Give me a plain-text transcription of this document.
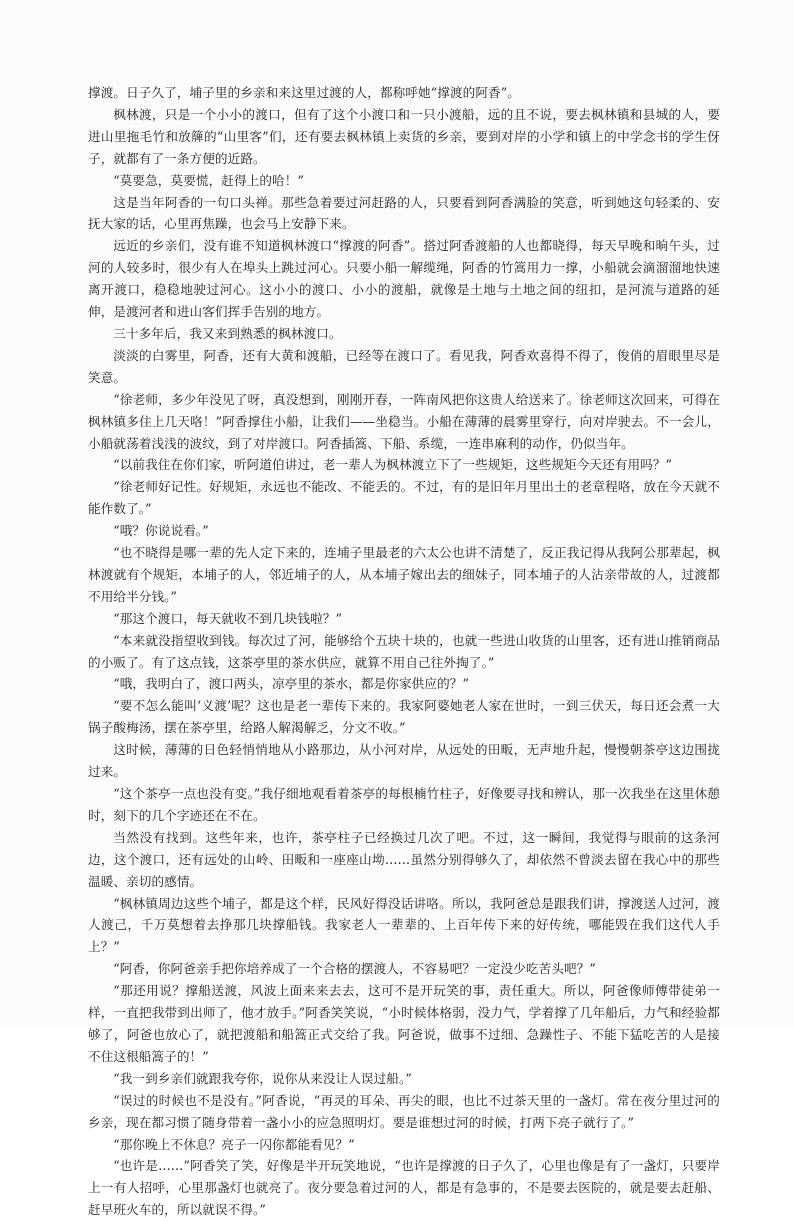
撑渡。日子久了，埔子里的乡亲和来这里过渡的人，都称呼她“撑渡的阿香”。

枫林渡，只是一个小小的渡口，但有了这个小渡口和一只小渡船，远的且不说，要去枫林镇和县城的人，要进山里拖毛竹和放簰的“山里客”们，还有要去枫林镇上卖货的乡亲，要到对岸的小学和镇上的中学念书的学生伢子，就都有了一条方便的近路。

“莫要急，莫要慌，赶得上的哈！”

这是当年阿香的一句口头禅。那些急着要过河赶路的人，只要看到阿香满脸的笑意，听到她这句轻柔的、安抚大家的话，心里再焦躁，也会马上安静下来。

远近的乡亲们，没有谁不知道枫林渡口“撑渡的阿香”。搭过阿香渡船的人也都晓得，每天早晚和晌午头，过河的人较多时，很少有人在埠头上跳过河心。只要小船一解缆绳，阿香的竹篙用力一撑，小船就会滴溜溜地快速离开渡口，稳稳地驶过河心。这小小的渡口、小小的渡船，就像是土地与土地之间的纽扣，是河流与道路的延伸，是渡河者和进山客们挥手告别的地方。

三十多年后，我又来到熟悉的枫林渡口。

淡淡的白雾里，阿香，还有大黄和渡船，已经等在渡口了。看见我，阿香欢喜得不得了，俊俏的眉眼里尽是笑意。

“徐老师，多少年没见了呀，真没想到，刚刚开春，一阵南风把你这贵人给送来了。徐老师这次回来，可得在枫林镇多住上几天咯！”阿香撑住小船，让我们——坐稳当。小船在薄薄的晨雾里穿行，向对岸驶去。不一会儿，小船就荡着浅浅的波纹，到了对岸渡口。阿香插篙、下船、系缆，一连串麻利的动作，仍似当年。

“以前我住在你们家，听阿道伯讲过，老一辈人为枫林渡立下了一些规矩，这些规矩今天还有用吗？”

“徐老师好记性。好规矩，永远也不能改、不能丢的。不过，有的是旧年月里出土的老章程咯，放在今天就不能作数了。”

“哦？你说说看。”

“也不晓得是哪一辈的先人定下来的，连埔子里最老的六太公也讲不清楚了，反正我记得从我阿公那辈起，枫林渡就有个规矩，本埔子的人，邻近埔子的人，从本埔子嫁出去的细妹子，同本埔子的人沾亲带故的人，过渡都不用给半分钱。”

“那这个渡口，每天就收不到几块钱啦？”

“本来就没指望收到钱。每次过了河，能够给个五块十块的，也就一些进山收货的山里客，还有进山推销商品的小贩了。有了这点钱，这茶亭里的茶水供应，就算不用自己往外掏了。”

“哦，我明白了，渡口两头，凉亭里的茶水，都是你家供应的？”

“要不怎么能叫‘义渡’呢？这也是老一辈传下来的。我家阿婆她老人家在世时，一到三伏天，每日还会煮一大锅子酸梅汤，摆在茶亭里，给路人解渴解乏，分文不收。”

这时候，薄薄的日色轻悄悄地从小路那边，从小河对岸，从远处的田畈，无声地升起，慢慢朝茶亭这边围拢过来。

“这个茶亭一点也没有变。”我仔细地观看着茶亭的每根楠竹柱子，好像要寻找和辨认，那一次我坐在这里休憩时，刻下的几个字迹还在不在。

当然没有找到。这些年来，也许，茶亭柱子已经换过几次了吧。不过，这一瞬间，我觉得与眼前的这条河边，这个渡口，还有远处的山岭、田畈和一座座山坳……虽然分别得够久了，却依然不曾淡去留在我心中的那些温暖、亲切的感情。

“枫林镇周边这些个埔子，都是这个样，民风好得没话讲咯。所以，我阿爸总是跟我们讲，撑渡送人过河，渡人渡己，千万莫想着去挣那几块撑船钱。我家老人一辈辈的、上百年传下来的好传统，哪能毁在我们这代人手上？”

“阿香，你阿爸亲手把你培养成了一个合格的摆渡人，不容易吧？一定没少吃苦头吧？”

“那还用说？撑船送渡，风波上面来来去去，这可不是开玩笑的事，责任重大。所以，阿爸像师傅带徒弟一样，一直把我带到出师了，他才放手。”阿香笑笑说，“小时候体格弱，没力气，学着撑了几年船后，力气和经验都够了，阿爸也放心了，就把渡船和船篙正式交给了我。阿爸说，做事不过细、急躁性子、不能下猛吃苦的人是接不住这根船篙子的！”

“我一到乡亲们就跟我夸你，说你从来没让人误过船。”

“误过的时候也不是没有。”阿香说，“再灵的耳朵、再尖的眼，也比不过茶天里的一盏灯。常在夜分里过河的乡亲，现在都习惯了随身带着一盏小小的应急照明灯。要是谁想过河的时候，打两下亮子就行了。”

“那你晚上不休息？亮子一闪你都能看见？”

“也许是……”阿香笑了笑，好像是半开玩笑地说，“也许是撑渡的日子久了，心里也像是有了一盏灯，只要岸上一有人招呼，心里那盏灯也就亮了。夜分要急着过河的人，都是有急事的，不是要去医院的，就是要去赶船、赶早班火车的，所以就误不得。”
